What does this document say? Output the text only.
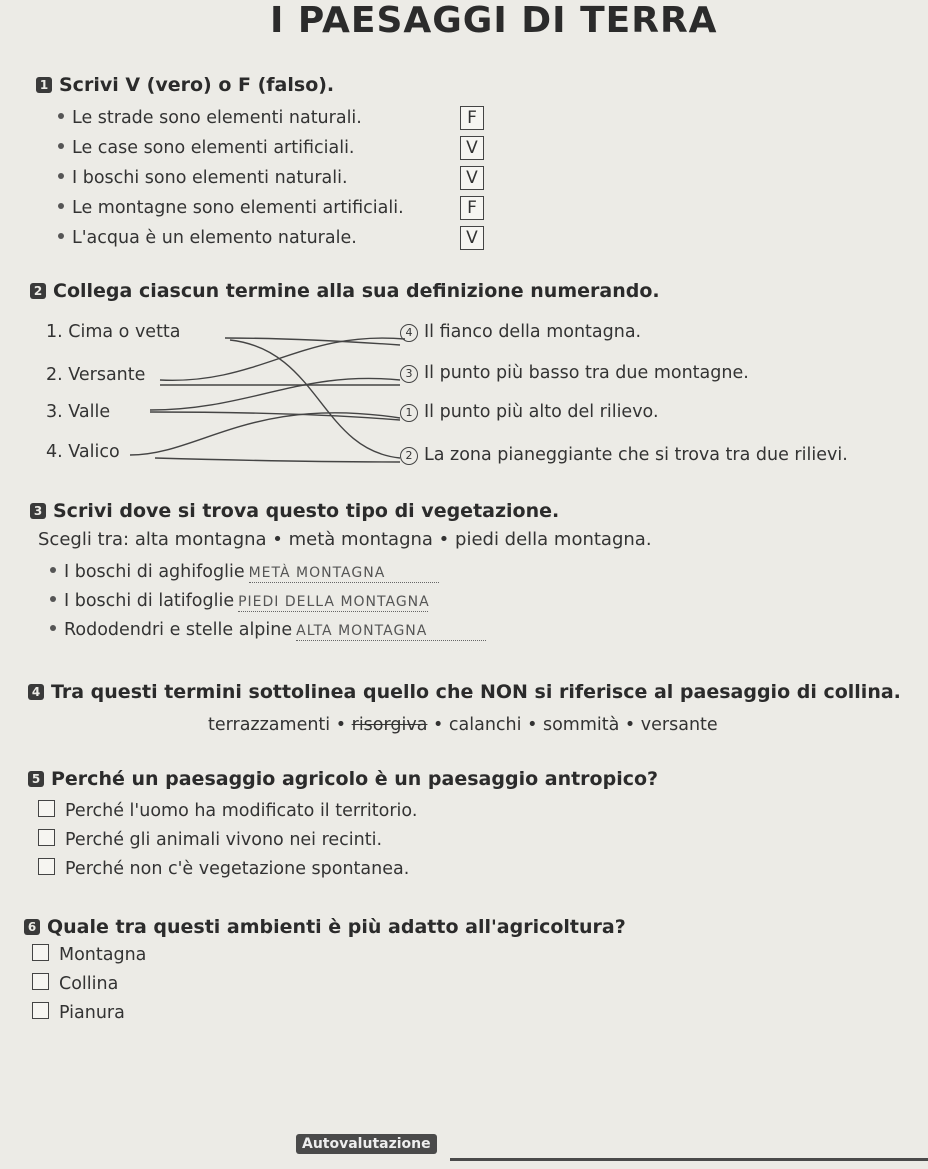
I PAESAGGI DI TERRA
1 Scrivi V (vero) o F (falso).
Le strade sono elementi naturali.
Le case sono elementi artificiali.
I boschi sono elementi naturali.
Le montagne sono elementi artificiali.
L'acqua è un elemento naturale.
F
V
V
F
V
2 Collega ciascun termine alla sua definizione numerando.
1. Cima o vetta
2. Versante
3. Valle
4. Valico
4 Il fianco della montagna.
3 Il punto più basso tra due montagne.
1 Il punto più alto del rilievo.
2 La zona pianeggiante che si trova tra due rilievi.
3 Scrivi dove si trova questo tipo di vegetazione.
Scegli tra: alta montagna • metà montagna • piedi della montagna.
I boschi di aghifoglie METÀ MONTAGNA
I boschi di latifoglie PIEDI DELLA MONTAGNA
Rododendri e stelle alpine ALTA MONTAGNA
4 Tra questi termini sottolinea quello che NON si riferisce al paesaggio di collina.
terrazzamenti • risorgiva • calanchi • sommità • versante
5 Perché un paesaggio agricolo è un paesaggio antropico?
Perché l'uomo ha modificato il territorio.
Perché gli animali vivono nei recinti.
Perché non c'è vegetazione spontanea.
6 Quale tra questi ambienti è più adatto all'agricoltura?
Montagna
Collina
Pianura
Autovalutazione
